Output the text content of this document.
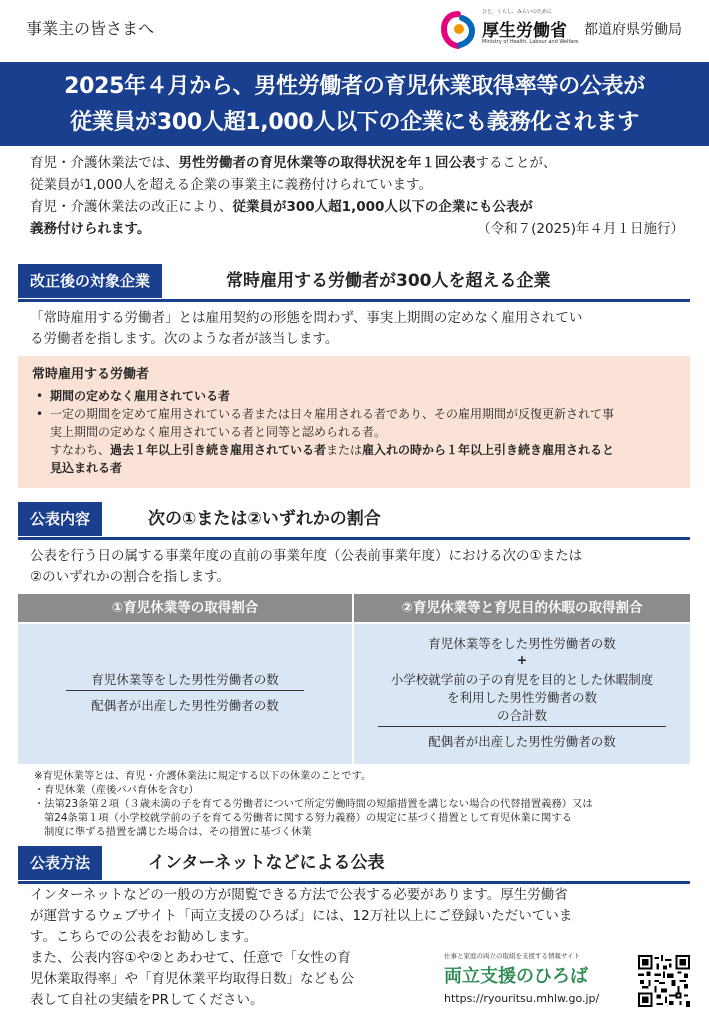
事業主の皆さまへ
ひと、くらし、みらいのために
厚生労働省
Ministry of Health, Labour and Welfare
都道府県労働局
2025年４月から、男性労働者の育児休業取得率等の公表が
従業員が300人超1,000人以下の企業にも義務化されます
育児・介護休業法では、男性労働者の育児休業等の取得状況を年１回公表することが、
従業員が1,000人を超える企業の事業主に義務付けられています。
育児・介護休業法の改正により、従業員が300人超1,000人以下の企業にも公表が
義務付けられます。	（令和７(2025)年４月１日施行）
改正後の対象企業	常時雇用する労働者が300人を超える企業
「常時雇用する労働者」とは雇用契約の形態を問わず、事実上期間の定めなく雇用されてい
る労働者を指します。次のような者が該当します。
常時雇用する労働者
• 期間の定めなく雇用されている者
• 一定の期間を定めて雇用されている者または日々雇用される者であり、その雇用期間が反復更新されて事
実上期間の定めなく雇用されている者と同等と認められる者。
すなわち、過去１年以上引き続き雇用されている者または雇入れの時から１年以上引き続き雇用されると
見込まれる者
公表内容	次の①または②いずれかの割合
公表を行う日の属する事業年度の直前の事業年度（公表前事業年度）における次の①または
②のいずれかの割合を指します。
①育児休業等の取得割合	②育児休業等と育児目的休暇の取得割合
育児休業等をした男性労働者の数
配偶者が出産した男性労働者の数
育児休業等をした男性労働者の数
+
小学校就学前の子の育児を目的とした休暇制度
を利用した男性労働者の数
の合計数
配偶者が出産した男性労働者の数
※育児休業等とは、育児・介護休業法に規定する以下の休業のことです。
・育児休業（産後パパ育休を含む）
・法第23条第２項（３歳未満の子を育てる労働者について所定労働時間の短縮措置を講じない場合の代替措置義務）又は
第24条第１項（小学校就学前の子を育てる労働者に関する努力義務）の規定に基づく措置として育児休業に関する
制度に準ずる措置を講じた場合は、その措置に基づく休業
公表方法	インターネットなどによる公表
インターネットなどの一般の方が閲覧できる方法で公表する必要があります。厚生労働省
が運営するウェブサイト「両立支援のひろば」には、12万社以上にご登録いただいていま
す。こちらでの公表をお勧めします。
また、公表内容①や②とあわせて、任意で「女性の育
児休業取得率」や「育児休業平均取得日数」なども公
表して自社の実績をPRしてください。
仕事と家庭の両立の取組を支援する情報サイト
両立支援のひろば
https://ryouritsu.mhlw.go.jp/
